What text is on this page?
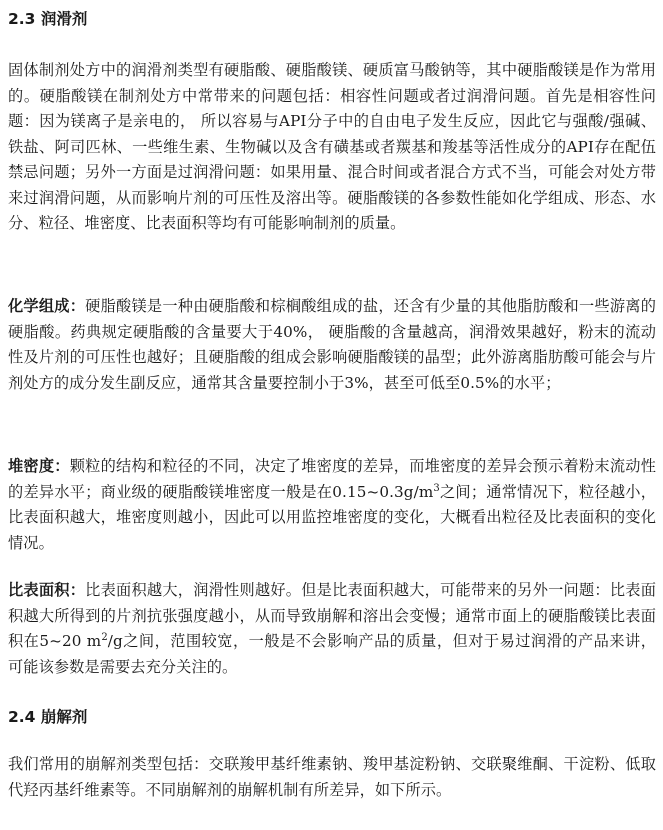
2.3 润滑剂

固体制剂处方中的润滑剂类型有硬脂酸、硬脂酸镁、硬质富马酸钠等，其中硬脂酸镁是作为常用的。硬脂酸镁在制剂处方中常带来的问题包括：相容性问题或者过润滑问题。首先是相容性问题：因为镁离子是亲电的， 所以容易与API分子中的自由电子发生反应，因此它与强酸/强碱、铁盐、阿司匹林、一些维生素、生物碱以及含有磺基或者羰基和羧基等活性成分的API存在配伍禁忌问题；另外一方面是过润滑问题：如果用量、混合时间或者混合方式不当，可能会对处方带来过润滑问题，从而影响片剂的可压性及溶出等。硬脂酸镁的各参数性能如化学组成、形态、水分、粒径、堆密度、比表面积等均有可能影响制剂的质量。

化学组成：硬脂酸镁是一种由硬脂酸和棕榈酸组成的盐，还含有少量的其他脂肪酸和一些游离的硬脂酸。药典规定硬脂酸的含量要大于40%， 硬脂酸的含量越高，润滑效果越好，粉末的流动性及片剂的可压性也越好；且硬脂酸的组成会影响硬脂酸镁的晶型；此外游离脂肪酸可能会与片剂处方的成分发生副反应，通常其含量要控制小于3%，甚至可低至0.5%的水平；

堆密度：颗粒的结构和粒径的不同，决定了堆密度的差异，而堆密度的差异会预示着粉末流动性的差异水平；商业级的硬脂酸镁堆密度一般是在$0.15\sim 0.3g/m^3$之间；通常情况下，粒径越小，比表面积越大，堆密度则越小，因此可以用监控堆密度的变化，大概看出粒径及比表面积的变化情况。

比表面积：比表面积越大，润滑性则越好。但是比表面积越大，可能带来的另外一问题：比表面积越大所得到的片剂抗张强度越小，从而导致崩解和溶出会变慢；通常市面上的硬脂酸镁比表面积在5~20 $m^2/g$之间，范围较宽，一般是不会影响产品的质量，但对于易过润滑的产品来讲，可能该参数是需要去充分关注的。

2.4 崩解剂

我们常用的崩解剂类型包括：交联羧甲基纤维素钠、羧甲基淀粉钠、交联聚维酮、干淀粉、低取代羟丙基纤维素等。不同崩解剂的崩解机制有所差异，如下所示。
